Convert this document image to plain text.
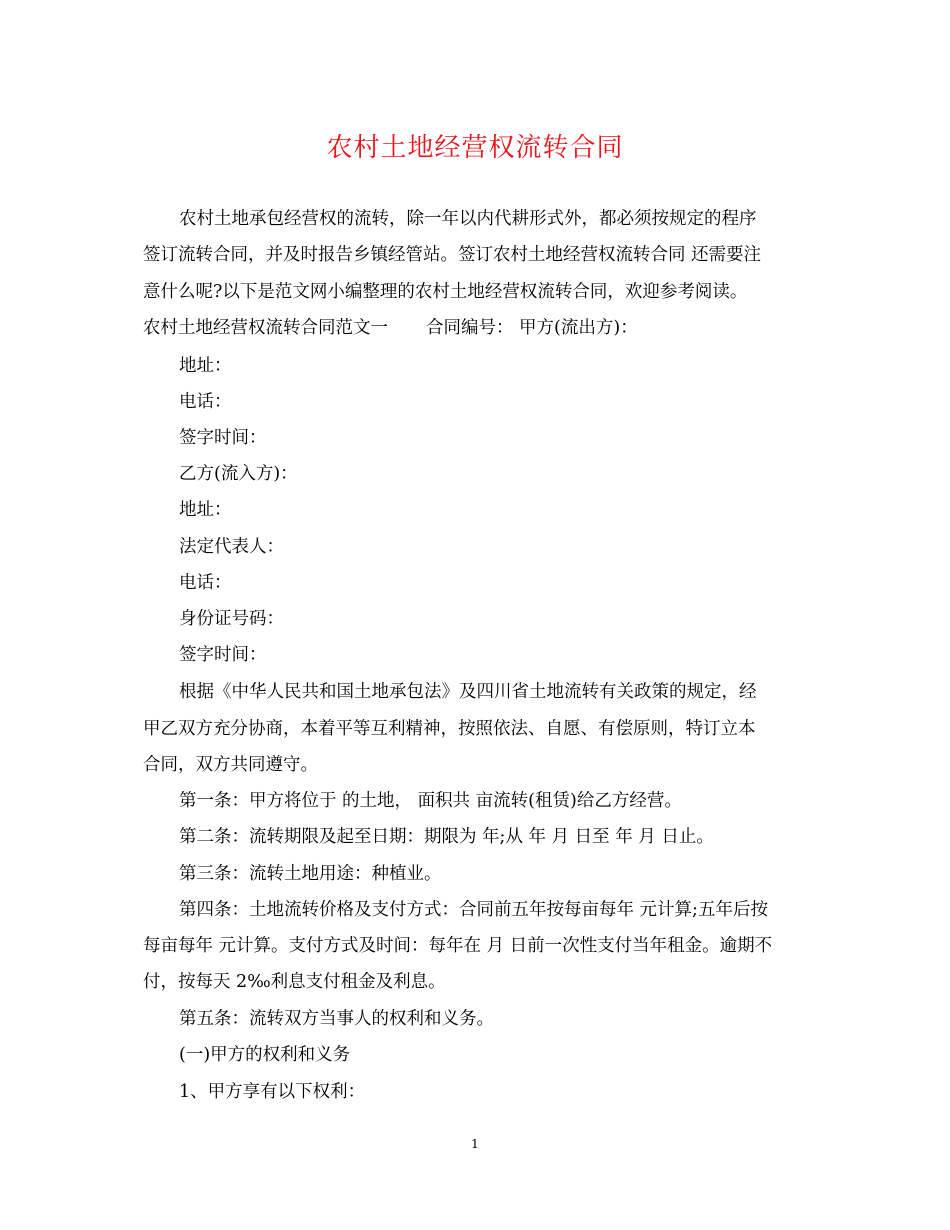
农村土地经营权流转合同

农村土地承包经营权的流转，除一年以内代耕形式外，都必须按规定的程序

签订流转合同，并及时报告乡镇经管站。签订农村土地经营权流转合同 还需要注

意什么呢?以下是范文网小编整理的农村土地经营权流转合同，欢迎参考阅读。

农村土地经营权流转合同范文一 合同编号： 甲方(流出方)：

地址：

电话：

签字时间：

乙方(流入方)：

地址：

法定代表人：

电话：

身份证号码：

签字时间：

根据《中华人民共和国土地承包法》及四川省土地流转有关政策的规定，经

甲乙双方充分协商，本着平等互利精神，按照依法、自愿、有偿原则，特订立本

合同，双方共同遵守。

第一条：甲方将位于 的土地， 面积共 亩流转(租赁)给乙方经营。

第二条：流转期限及起至日期：期限为 年;从 年 月 日至 年 月 日止。

第三条：流转土地用途：种植业。

第四条：土地流转价格及支付方式：合同前五年按每亩每年 元计算;五年后按

每亩每年 元计算。支付方式及时间：每年在 月 日前一次性支付当年租金。逾期不

付，按每天 2‰利息支付租金及利息。

第五条：流转双方当事人的权利和义务。

(一)甲方的权利和义务

1、甲方享有以下权利：

1
